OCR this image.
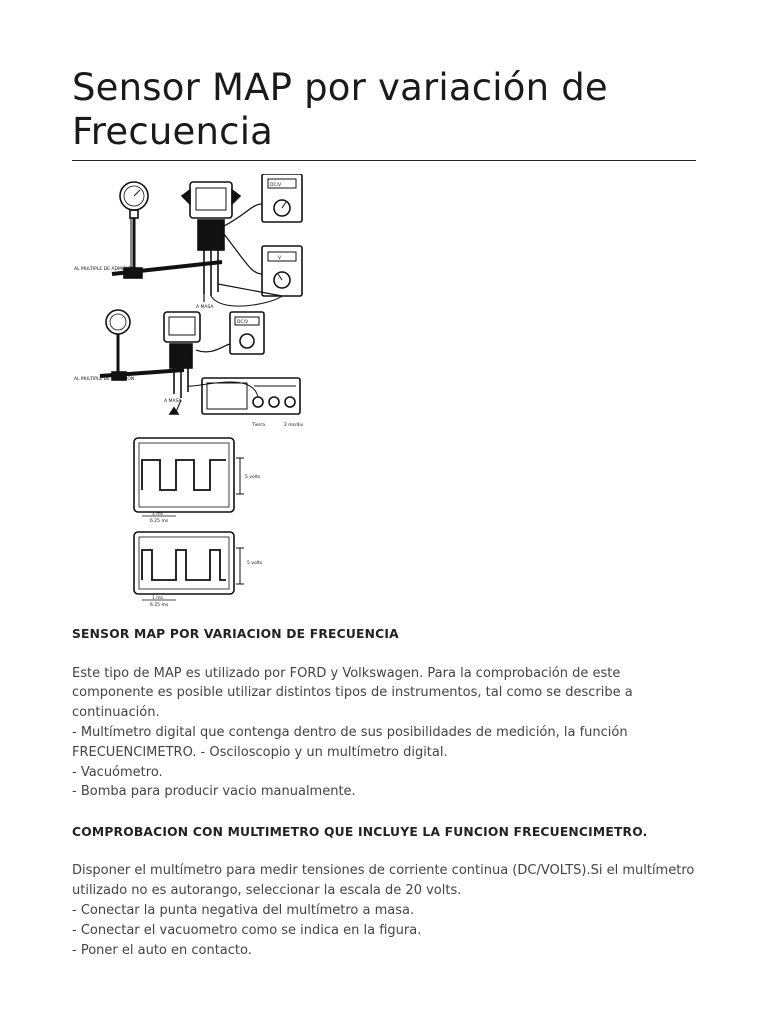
Sensor MAP por variación de Frecuencia
AL MULTIPLE DE ADMISION
DC/V
V
A MASA
AL MULTIPLE DE ADMISION
DC/V
A MASA
Tierra	2 ms/div
5 volts
1 ms
6.25 ms
5 volts
1 ms
6.25 ms

SENSOR MAP POR VARIACION DE FRECUENCIA

Este tipo de MAP es utilizado por FORD y Volkswagen. Para la comprobación de este

componente es posible utilizar distintos tipos de instrumentos, tal como se describe a

continuación.

- Multímetro digital que contenga dentro de sus posibilidades de medición, la función

FRECUENCIMETRO. - Osciloscopio y un multímetro digital.

- Vacuómetro.

- Bomba para producir vacio manualmente.

COMPROBACION CON MULTIMETRO QUE INCLUYE LA FUNCION FRECUENCIMETRO.

Disponer el multímetro para medir tensiones de corriente continua (DC/VOLTS).Si el multímetro

utilizado no es autorango, seleccionar la escala de 20 volts.

- Conectar la punta negativa del multímetro a masa.

- Conectar el vacuometro como se indica en la figura.

- Poner el auto en contacto.
